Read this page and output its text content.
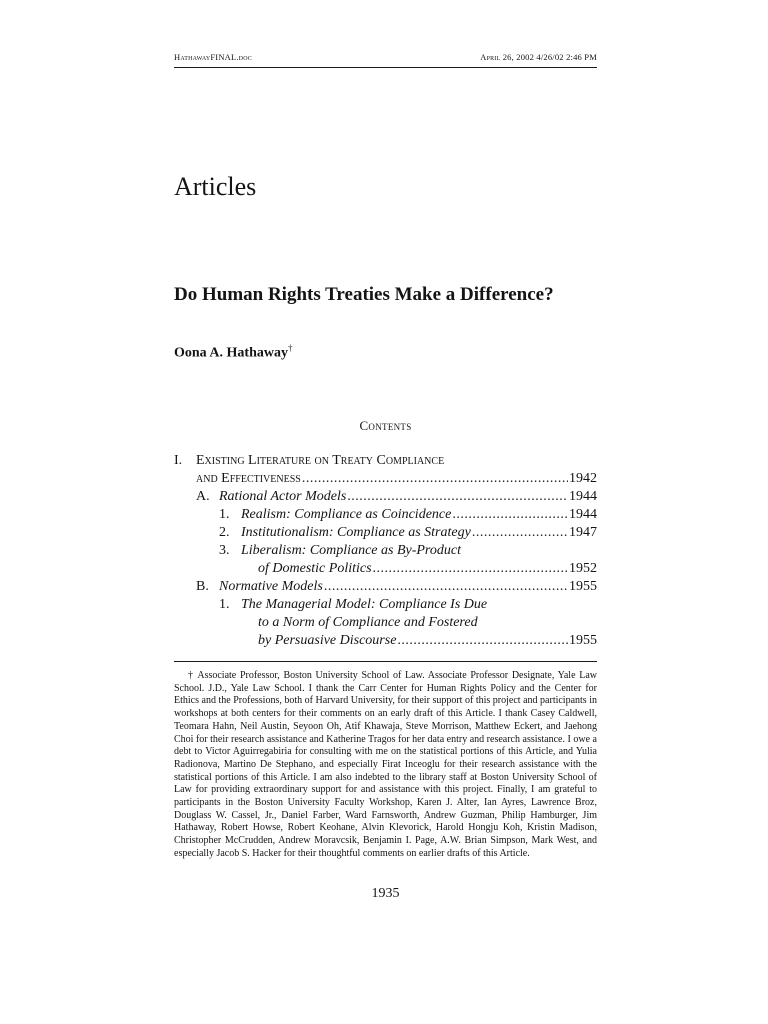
HathawayFINAL.doc	April 26, 2002 4/26/02 2:46 PM
Articles
Do Human Rights Treaties Make a Difference?
Oona A. Hathaway†
Contents
I. Existing Literature on Treaty Compliance
and Effectiveness .....	1942
A. Rational Actor Models .....	1944
1. Realism: Compliance as Coincidence .....	1944
2. Institutionalism: Compliance as Strategy .....	1947
3. Liberalism: Compliance as By-Product
of Domestic Politics .....	1952
B. Normative Models .....	1955
1. The Managerial Model: Compliance Is Due
to a Norm of Compliance and Fostered
by Persuasive Discourse .....	1955

† Associate Professor, Boston University School of Law. Associate Professor Designate, Yale Law School. J.D., Yale Law School. I thank the Carr Center for Human Rights Policy and the Center for Ethics and the Professions, both of Harvard University, for their support of this project and participants in workshops at both centers for their comments on an early draft of this Article. I thank Casey Caldwell, Teomara Hahn, Neil Austin, Seyoon Oh, Atif Khawaja, Steve Morrison, Matthew Eckert, and Jaehong Choi for their research assistance and Katherine Tragos for her data entry and research assistance. I owe a debt to Victor Aguirregabiria for consulting with me on the statistical portions of this Article, and Yulia Radionova, Martino De Stephano, and especially Firat Inceoglu for their research assistance with the statistical portions of this Article. I am also indebted to the library staff at Boston University School of Law for providing extraordinary support for and assistance with this project. Finally, I am grateful to participants in the Boston University Faculty Workshop, Karen J. Alter, Ian Ayres, Lawrence Broz, Douglass W. Cassel, Jr., Daniel Farber, Ward Farnsworth, Andrew Guzman, Philip Hamburger, Jim Hathaway, Robert Howse, Robert Keohane, Alvin Klevorick, Harold Hongju Koh, Kristin Madison, Christopher McCrudden, Andrew Moravcsik, Benjamin I. Page, A.W. Brian Simpson, Mark West, and especially Jacob S. Hacker for their thoughtful comments on earlier drafts of this Article.

1935
